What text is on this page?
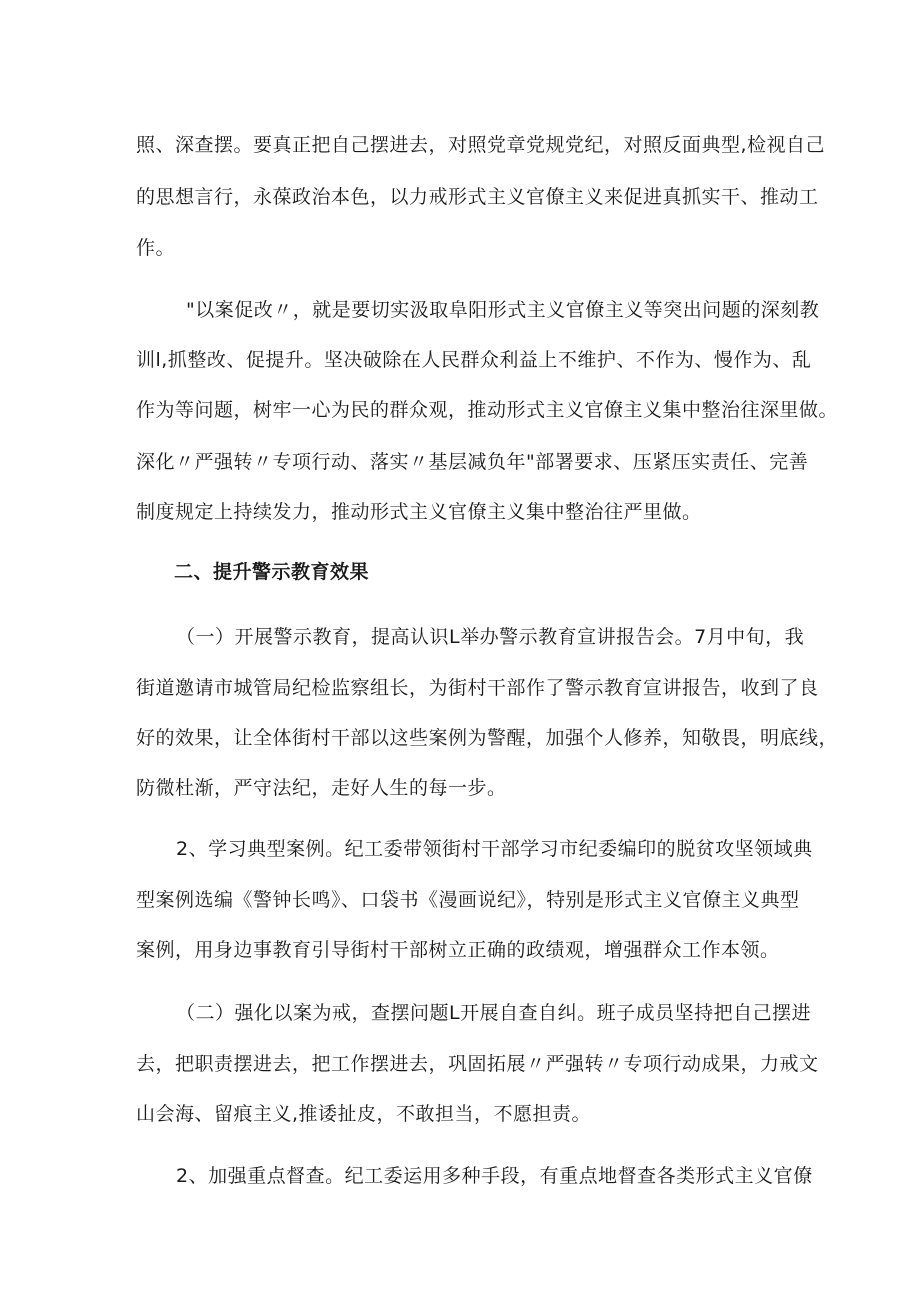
照、深查摆。要真正把自己摆进去，对照党章党规党纪，对照反面典型,检视自己
的思想言行，永葆政治本色，以力戒形式主义官僚主义来促进真抓实干、推动工
作。
"以案促改〃，就是要切实汲取阜阳形式主义官僚主义等突出问题的深刻教
训l,抓整改、促提升。坚决破除在人民群众利益上不维护、不作为、慢作为、乱
作为等问题，树牢一心为民的群众观，推动形式主义官僚主义集中整治往深里做。
深化〃严强转〃专项行动、落实〃基层减负年"部署要求、压紧压实责任、完善
制度规定上持续发力，推动形式主义官僚主义集中整治往严里做。
二、提升警示教育效果
（一）开展警示教育，提高认识L举办警示教育宣讲报告会。7月中旬，我
街道邀请市城管局纪检监察组长，为街村干部作了警示教育宣讲报告，收到了良
好的效果，让全体街村干部以这些案例为警醒，加强个人修养，知敬畏，明底线，
防微杜渐，严守法纪，走好人生的每一步。
2、学习典型案例。纪工委带领街村干部学习市纪委编印的脱贫攻坚领域典
型案例选编《警钟长鸣》、口袋书《漫画说纪》，特别是形式主义官僚主义典型
案例，用身边事教育引导街村干部树立正确的政绩观，增强群众工作本领。
（二）强化以案为戒，查摆问题L开展自查自纠。班子成员坚持把自己摆进
去，把职责摆进去，把工作摆进去，巩固拓展〃严强转〃专项行动成果，力戒文
山会海、留痕主义,推诿扯皮，不敢担当，不愿担责。
2、加强重点督查。纪工委运用多种手段，有重点地督查各类形式主义官僚
